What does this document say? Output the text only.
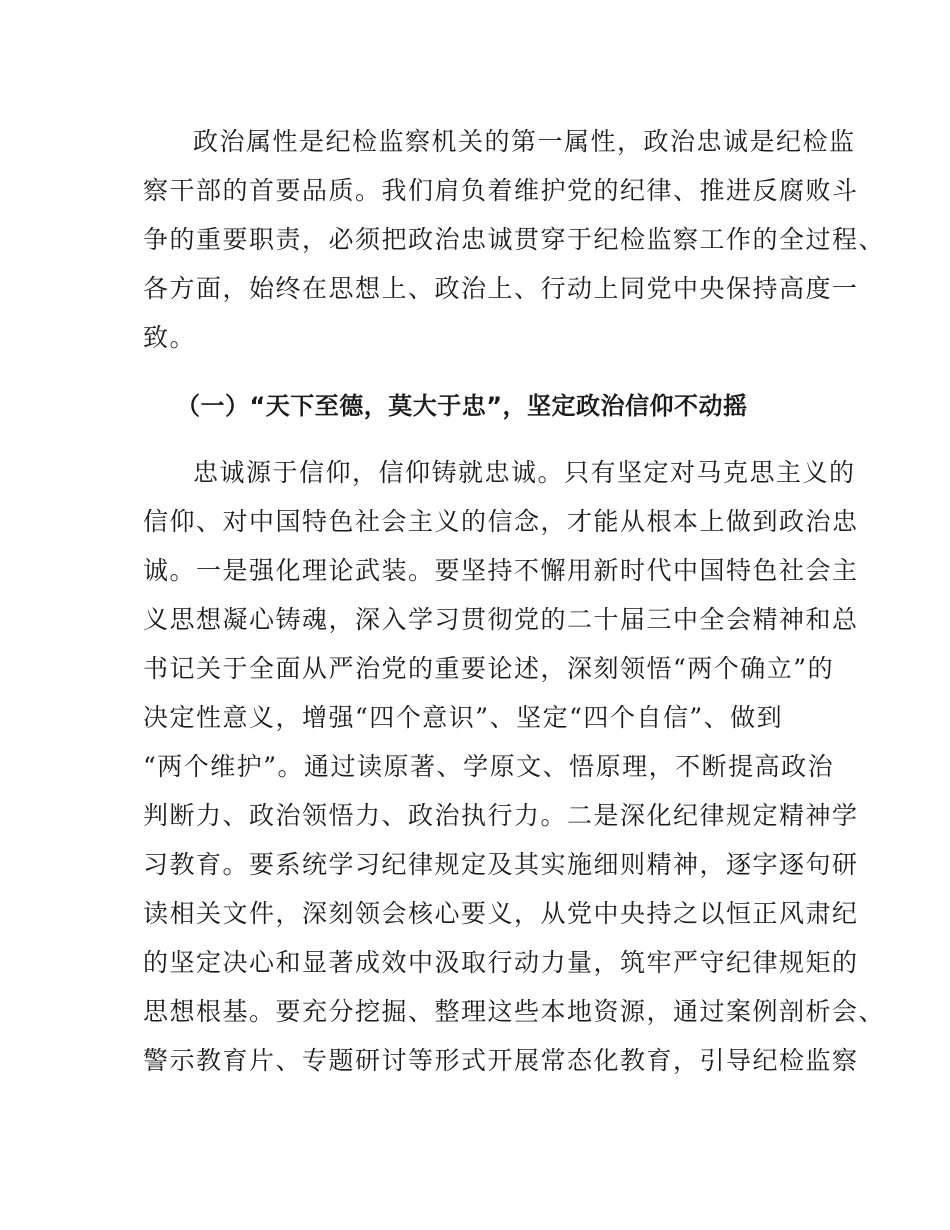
政治属性是纪检监察机关的第一属性，政治忠诚是纪检监
察干部的首要品质。我们肩负着维护党的纪律、推进反腐败斗
争的重要职责，必须把政治忠诚贯穿于纪检监察工作的全过程、
各方面，始终在思想上、政治上、行动上同党中央保持高度一
致。
（一）“天下至德，莫大于忠”，坚定政治信仰不动摇
忠诚源于信仰，信仰铸就忠诚。只有坚定对马克思主义的
信仰、对中国特色社会主义的信念，才能从根本上做到政治忠
诚。一是强化理论武装。要坚持不懈用新时代中国特色社会主
义思想凝心铸魂，深入学习贯彻党的二十届三中全会精神和总
书记关于全面从严治党的重要论述，深刻领悟“两个确立”的
决定性意义，增强“四个意识”、坚定“四个自信”、做到
“两个维护”。通过读原著、学原文、悟原理，不断提高政治
判断力、政治领悟力、政治执行力。二是深化纪律规定精神学
习教育。要系统学习纪律规定及其实施细则精神，逐字逐句研
读相关文件，深刻领会核心要义，从党中央持之以恒正风肃纪
的坚定决心和显著成效中汲取行动力量，筑牢严守纪律规矩的
思想根基。要充分挖掘、整理这些本地资源，通过案例剖析会、
警示教育片、专题研讨等形式开展常态化教育，引导纪检监察
